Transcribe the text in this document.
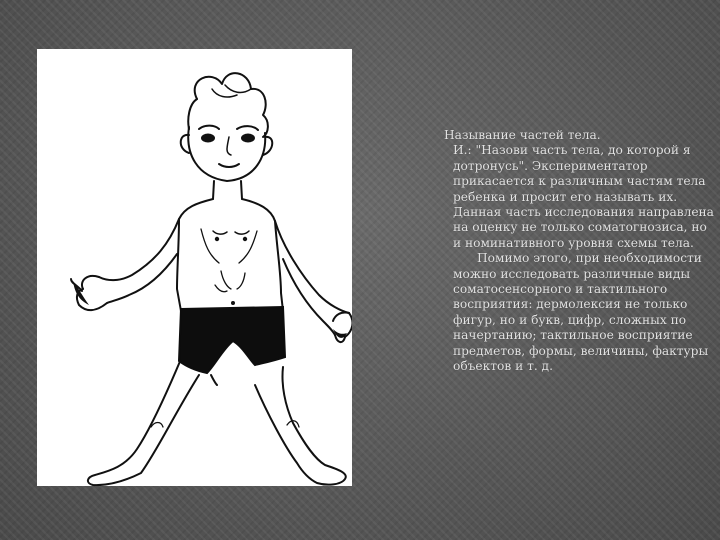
Называние частей тела.

И.: "Назови часть тела, до которой я дотронусь". Экспериментатор прикасается к различным частям тела ребенка и просит его называть их. Данная часть исследования направлена на оценку не только соматогнозиса, но и номинативного уровня схемы тела.

Помимо этого, при необходимости можно исследовать различные виды соматосенсорного и тактильного восприятия: дермолексия не только фигур, но и букв, цифр, сложных по начертанию; тактильное восприятие предметов, формы, величины, фактуры объектов и т. д.
